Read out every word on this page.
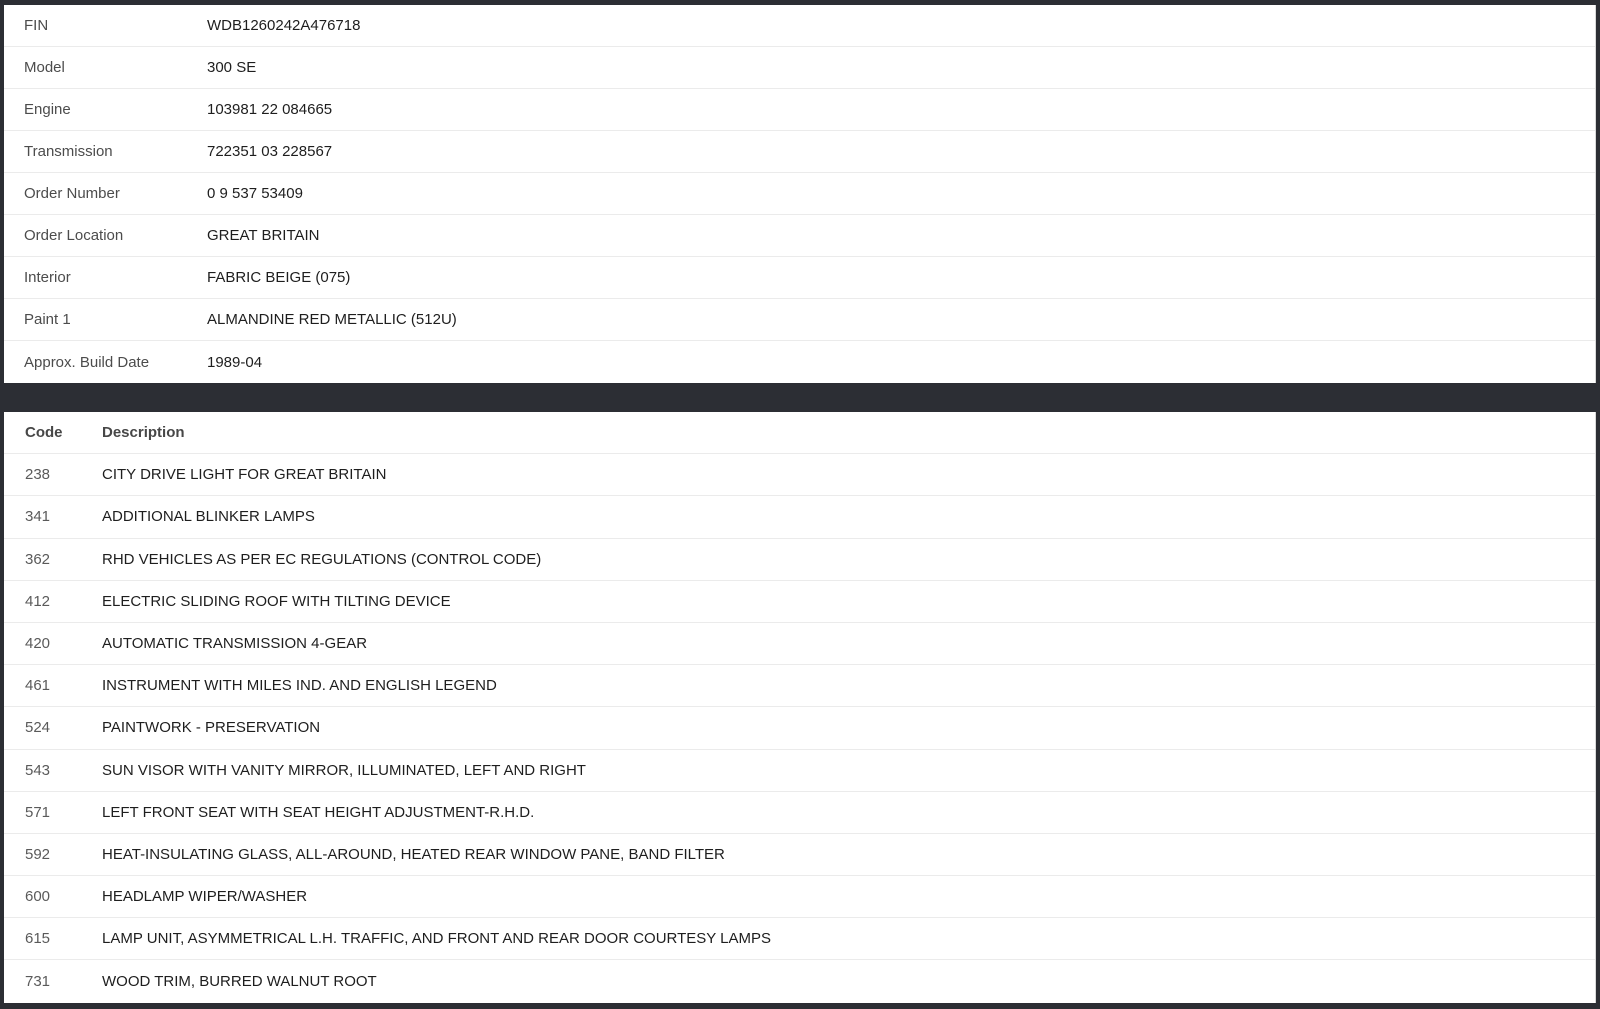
FIN	WDB1260242A476718
Model	300 SE
Engine	103981 22 084665
Transmission	722351 03 228567
Order Number	0 9 537 53409
Order Location	GREAT BRITAIN
Interior	FABRIC BEIGE (075)
Paint 1	ALMANDINE RED METALLIC (512U)
Approx. Build Date	1989-04
Code	Description
238	CITY DRIVE LIGHT FOR GREAT BRITAIN
341	ADDITIONAL BLINKER LAMPS
362	RHD VEHICLES AS PER EC REGULATIONS (CONTROL CODE)
412	ELECTRIC SLIDING ROOF WITH TILTING DEVICE
420	AUTOMATIC TRANSMISSION 4-GEAR
461	INSTRUMENT WITH MILES IND. AND ENGLISH LEGEND
524	PAINTWORK - PRESERVATION
543	SUN VISOR WITH VANITY MIRROR, ILLUMINATED, LEFT AND RIGHT
571	LEFT FRONT SEAT WITH SEAT HEIGHT ADJUSTMENT-R.H.D.
592	HEAT-INSULATING GLASS, ALL-AROUND, HEATED REAR WINDOW PANE, BAND FILTER
600	HEADLAMP WIPER/WASHER
615	LAMP UNIT, ASYMMETRICAL L.H. TRAFFIC, AND FRONT AND REAR DOOR COURTESY LAMPS
731	WOOD TRIM, BURRED WALNUT ROOT
